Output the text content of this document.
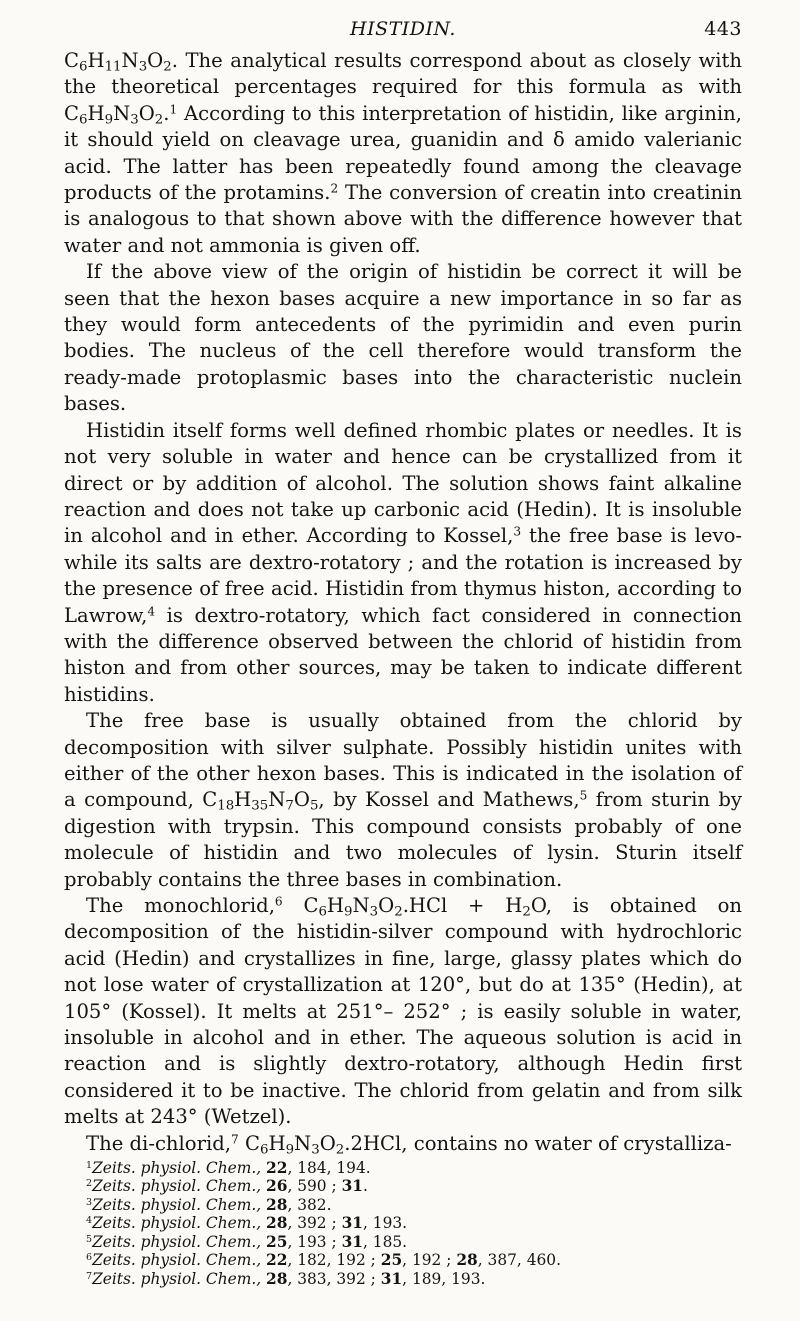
HISTIDIN.	443

$C_6H_{11}N_3O_2$. The analytical results correspond about as closely with the theoretical percentages required for this formula as with $C_6H_9N_3O_2.^1$ According to this interpretation of histidin, like arginin, it should yield on cleavage urea, guanidin and δ amido valerianic acid. The latter has been repeatedly found among the cleavage products of the protamins.$^2$ The conversion of creatin into creatinin is analogous to that shown above with the difference however that water and not ammonia is given off.

If the above view of the origin of histidin be correct it will be seen that the hexon bases acquire a new importance in so far as they would form antecedents of the pyrimidin and even purin bodies. The nucleus of the cell therefore would transform the ready-made protoplasmic bases into the characteristic nuclein bases.

Histidin itself forms well defined rhombic plates or needles. It is not very soluble in water and hence can be crystallized from it direct or by addition of alcohol. The solution shows faint alkaline reaction and does not take up carbonic acid (Hedin). It is insoluble in alcohol and in ether. According to Kossel,$^3$ the free base is levo- while its salts are dextro-rotatory ; and the rotation is increased by the presence of free acid. Histidin from thymus histon, according to Lawrow,$^4$ is dextro-rotatory, which fact considered in connection with the difference observed between the chlorid of histidin from histon and from other sources, may be taken to indicate different histidins.

The free base is usually obtained from the chlorid by decomposition with silver sulphate. Possibly histidin unites with either of the other hexon bases. This is indicated in the isolation of a compound, $C_{18}H_{35}N_7O_5$, by Kossel and Mathews,$^5$ from sturin by digestion with trypsin. This compound consists probably of one molecule of histidin and two molecules of lysin. Sturin itself probably contains the three bases in combination.

The monochlorid,$^6$ $C_6H_9N_3O_2.HCl + H_2O$, is obtained on decomposition of the histidin-silver compound with hydrochloric acid (Hedin) and crystallizes in fine, large, glassy plates which do not lose water of crystallization at 120°, but do at 135° (Hedin), at 105° (Kossel). It melts at 251°– 252° ; is easily soluble in water, insoluble in alcohol and in ether. The aqueous solution is acid in reaction and is slightly dextro-rotatory, although Hedin first considered it to be inactive. The chlorid from gelatin and from silk melts at 243° (Wetzel).

The di-chlorid,$^7$ $C_6H_9N_3O_2.2HCl$, contains no water of crystalliza-

$^1$Zeits. physiol. Chem., 22, 184, 194.
$^2$Zeits. physiol. Chem., 26, 590 ; 31.
$^3$Zeits. physiol. Chem., 28, 382.
$^4$Zeits. physiol. Chem., 28, 392 ; 31, 193.
$^5$Zeits. physiol. Chem., 25, 193 ; 31, 185.
$^6$Zeits. physiol. Chem., 22, 182, 192 ; 25, 192 ; 28, 387, 460.
$^7$Zeits. physiol. Chem., 28, 383, 392 ; 31, 189, 193.
